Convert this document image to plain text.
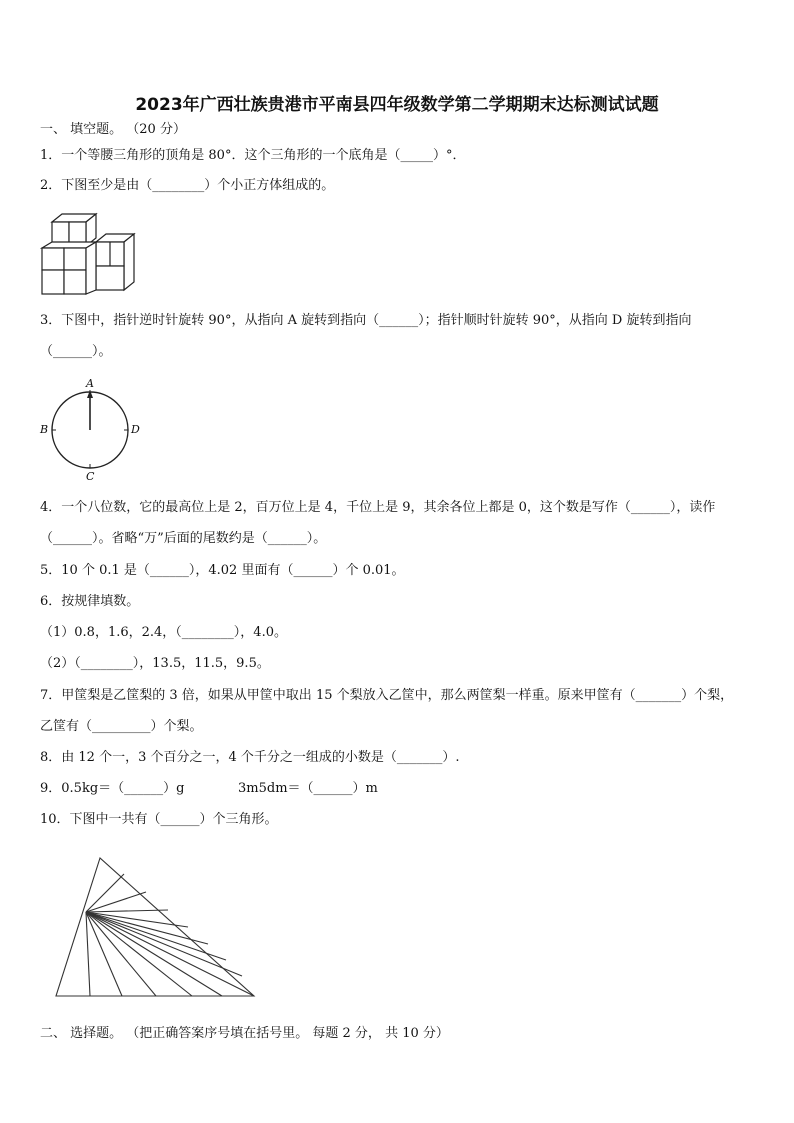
2023年广西壮族贵港市平南县四年级数学第二学期期末达标测试试题
一、 填空题。 （20 分）
1．一个等腰三角形的顶角是 80°．这个三角形的一个底角是（_____）°．
2．下图至少是由（________）个小正方体组成的。
3．下图中，指针逆时针旋转 90°，从指向 A 旋转到指向（______）；指针顺时针旋转 90°，从指向 D 旋转到指向
（______）。
A
B
C
D
4．一个八位数，它的最高位上是 2，百万位上是 4，千位上是 9，其余各位上都是 0，这个数是写作（______），读作
（______）。省略“万”后面的尾数约是（______）。
5．10 个 0.1 是（______），4.02 里面有（______）个 0.01。
6．按规律填数。
（1）0.8，1.6，2.4，（________），4.0。
（2）（________），13.5，11.5，9.5。
7．甲筐梨是乙筐梨的 3 倍，如果从甲筐中取出 15 个梨放入乙筐中，那么两筐梨一样重。原来甲筐有（_______）个梨，
乙筐有（_________）个梨。
8．由 12 个一，3 个百分之一，4 个千分之一组成的小数是（_______）.
9．0.5kg＝（______）g	3m5dm＝（______）m
10．下图中一共有（______）个三角形。
二、 选择题。 （把正确答案序号填在括号里。 每题 2 分， 共 10 分）
